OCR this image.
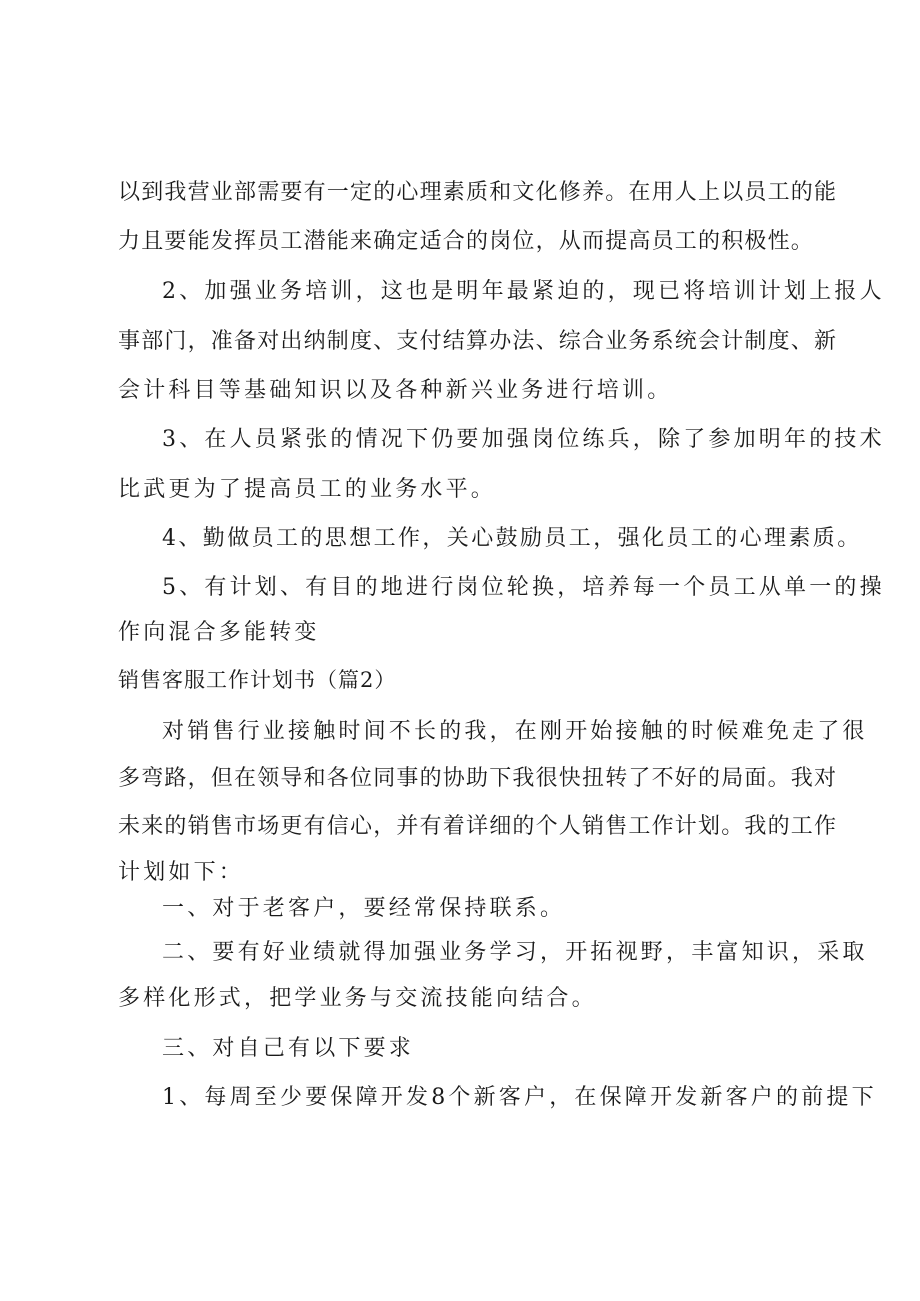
以到我营业部需要有一定的心理素质和文化修养。在用人上以员工的能
力且要能发挥员工潜能来确定适合的岗位，从而提高员工的积极性。
2、加强业务培训，这也是明年最紧迫的，现已将培训计划上报人
事部门，准备对出纳制度、支付结算办法、综合业务系统会计制度、新
会计科目等基础知识以及各种新兴业务进行培训。
3、在人员紧张的情况下仍要加强岗位练兵，除了参加明年的技术
比武更为了提高员工的业务水平。
4、勤做员工的思想工作，关心鼓励员工，强化员工的心理素质。
5、有计划、有目的地进行岗位轮换，培养每一个员工从单一的操
作向混合多能转变
销售客服工作计划书（篇2）
对销售行业接触时间不长的我，在刚开始接触的时候难免走了很
多弯路，但在领导和各位同事的协助下我很快扭转了不好的局面。我对
未来的销售市场更有信心，并有着详细的个人销售工作计划。我的工作
计划如下：
一、对于老客户，要经常保持联系。
二、要有好业绩就得加强业务学习，开拓视野，丰富知识，采取
多样化形式，把学业务与交流技能向结合。
三、对自己有以下要求
1、每周至少要保障开发8个新客户，在保障开发新客户的前提下
